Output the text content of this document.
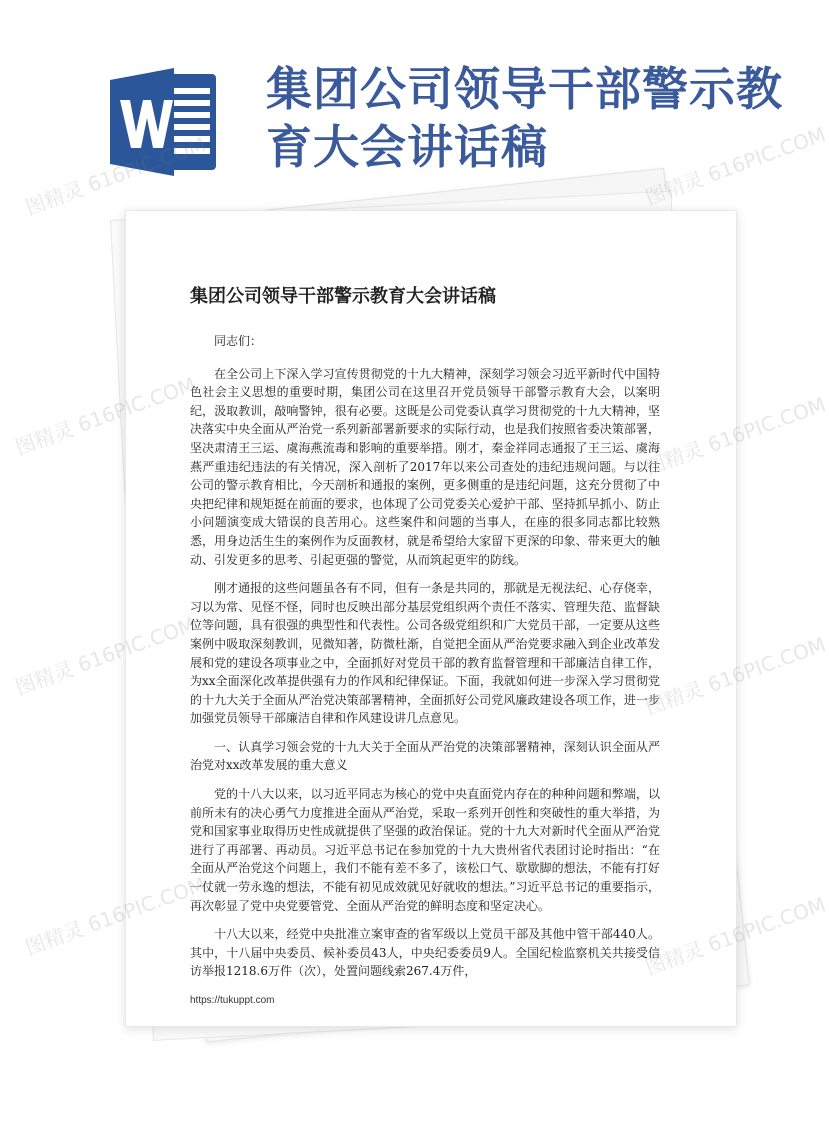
集团公司领导干部警示教育大会讲话稿
集团公司领导干部警示教育大会讲话稿

同志们：

在全公司上下深入学习宣传贯彻党的十九大精神，深刻学习领会习近平新时代中国特色社会主义思想的重要时期，集团公司在这里召开党员领导干部警示教育大会，以案明纪，汲取教训，敲响警钟，很有必要。这既是公司党委认真学习贯彻党的十九大精神，坚决落实中央全面从严治党一系列新部署新要求的实际行动，也是我们按照省委决策部署，坚决肃清王三运、虞海燕流毒和影响的重要举措。刚才，秦金祥同志通报了王三运、虞海燕严重违纪违法的有关情况，深入剖析了2017年以来公司查处的违纪违规问题。与以往公司的警示教育相比，今天剖析和通报的案例，更多侧重的是违纪问题，这充分贯彻了中央把纪律和规矩挺在前面的要求，也体现了公司党委关心爱护干部、坚持抓早抓小、防止小问题演变成大错误的良苦用心。这些案件和问题的当事人，在座的很多同志都比较熟悉，用身边活生生的案例作为反面教材，就是希望给大家留下更深的印象、带来更大的触动、引发更多的思考、引起更强的警觉，从而筑起更牢的防线。

刚才通报的这些问题虽各有不同，但有一条是共同的，那就是无视法纪、心存侥幸，习以为常、见怪不怪，同时也反映出部分基层党组织两个责任不落实、管理失范、监督缺位等问题，具有很强的典型性和代表性。公司各级党组织和广大党员干部，一定要从这些案例中吸取深刻教训，见微知著，防微杜渐，自觉把全面从严治党要求融入到企业改革发展和党的建设各项事业之中，全面抓好对党员干部的教育监督管理和干部廉洁自律工作，为xx全面深化改革提供强有力的作风和纪律保证。下面，我就如何进一步深入学习贯彻党的十九大关于全面从严治党决策部署精神，全面抓好公司党风廉政建设各项工作，进一步加强党员领导干部廉洁自律和作风建设讲几点意见。

一、认真学习领会党的十九大关于全面从严治党的决策部署精神，深刻认识全面从严治党对xx改革发展的重大意义

党的十八大以来，以习近平同志为核心的党中央直面党内存在的种种问题和弊端，以前所未有的决心勇气力度推进全面从严治党，采取一系列开创性和突破性的重大举措，为党和国家事业取得历史性成就提供了坚强的政治保证。党的十九大对新时代全面从严治党进行了再部署、再动员。习近平总书记在参加党的十九大贵州省代表团讨论时指出：“在全面从严治党这个问题上，我们不能有差不多了，该松口气、歇歇脚的想法，不能有打好一仗就一劳永逸的想法，不能有初见成效就见好就收的想法。”习近平总书记的重要指示，再次彰显了党中央党要管党、全面从严治党的鲜明态度和坚定决心。

十八大以来，经党中央批准立案审查的省军级以上党员干部及其他中管干部440人。其中，十八届中央委员、候补委员43人，中央纪委委员9人。全国纪检监察机关共接受信访举报1218.6万件（次），处置问题线索267.4万件，

https://tukuppt.com
图精灵 616PIC.COM	图精灵 616PIC.COM
图精灵 616PIC.COM	616PIC.COM
图精灵 616PIC.COM	616PIC.COM
图精灵 616PIC.COM	616PIC.COM
